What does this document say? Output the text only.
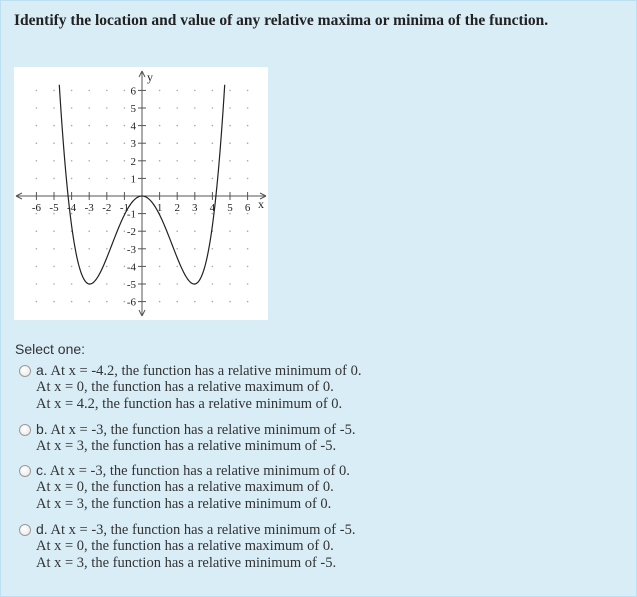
Identify the location and value of any relative maxima or minima of the function.
-6 -5 -4 -3 -2 -1	1 2 3 4 5 6
6
5
4
3
2
1
-1
-2
-3
-4
-5
-6
y
x
Select one:
a. At x = -4.2, the function has a relative minimum of 0.
At x = 0, the function has a relative maximum of 0.
At x = 4.2, the function has a relative minimum of 0.
b. At x = -3, the function has a relative minimum of -5.
At x = 3, the function has a relative minimum of -5.
c. At x = -3, the function has a relative minimum of 0.
At x = 0, the function has a relative maximum of 0.
At x = 3, the function has a relative minimum of 0.
d. At x = -3, the function has a relative minimum of -5.
At x = 0, the function has a relative maximum of 0.
At x = 3, the function has a relative minimum of -5.
